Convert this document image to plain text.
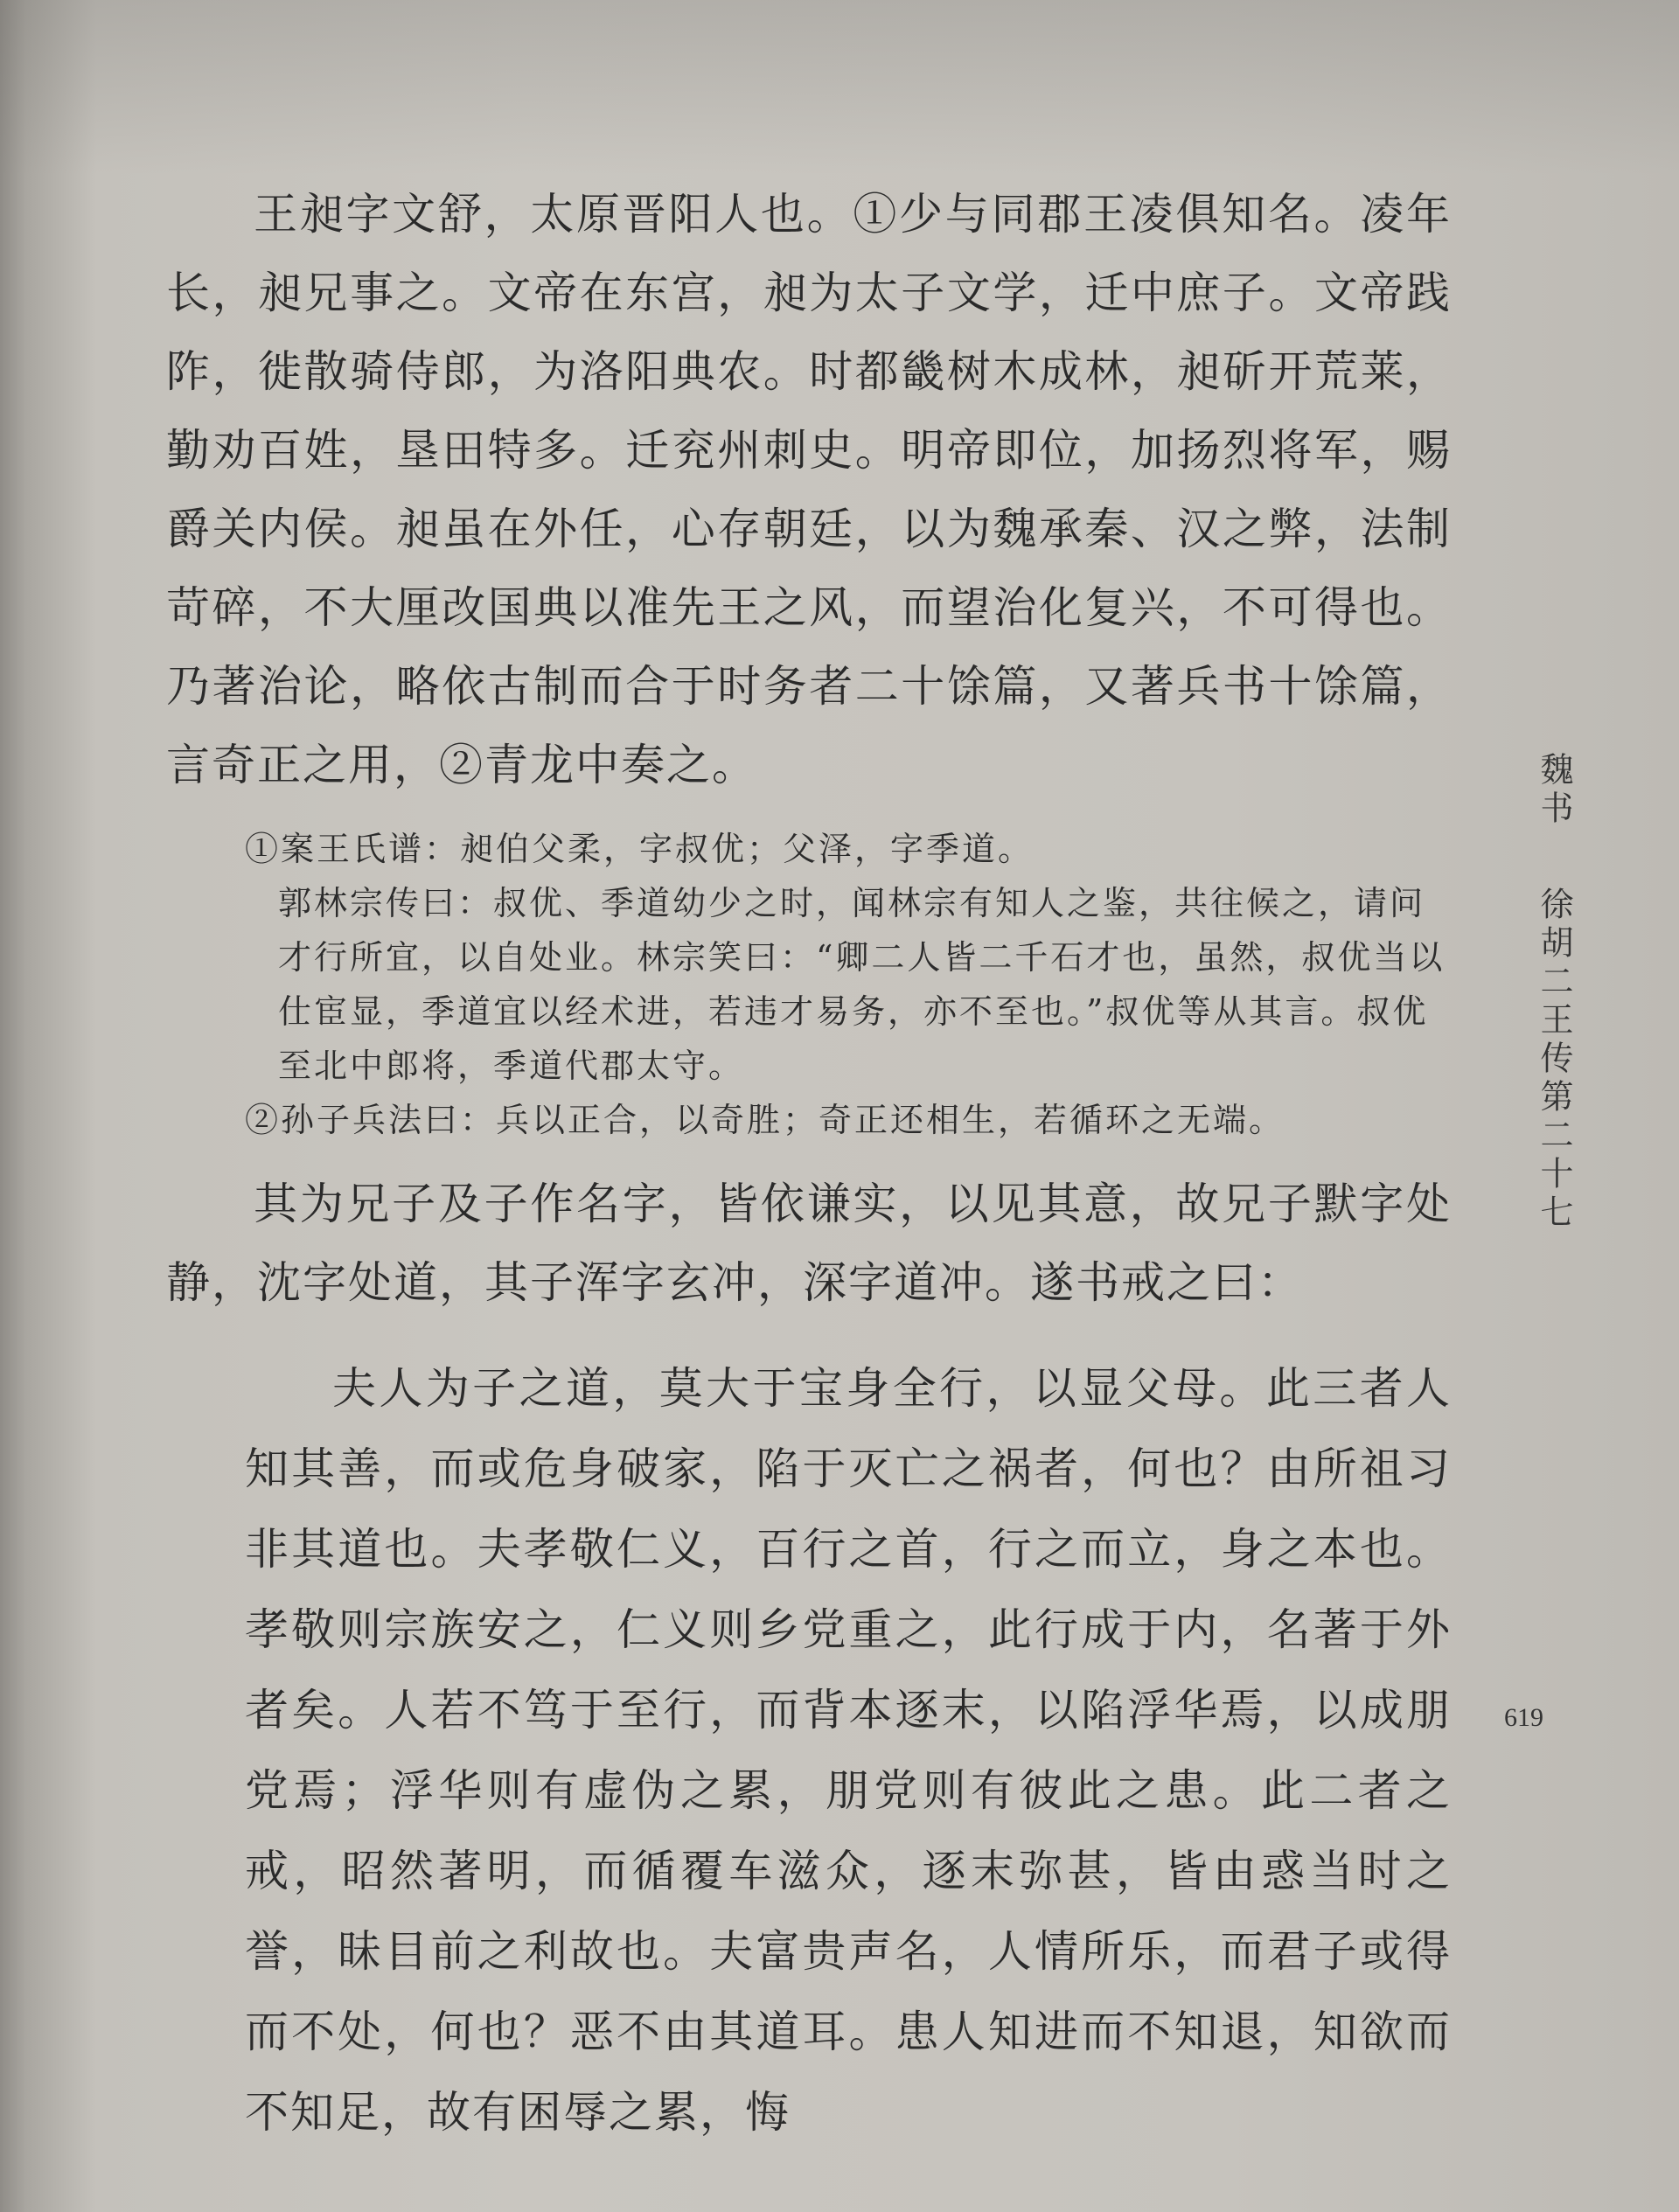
王昶字文舒，太原晋阳人也。①少与同郡王凌俱知名。凌年长，昶兄事之。文帝在东宫，昶为太子文学，迁中庶子。文帝践阼，徙散骑侍郎，为洛阳典农。时都畿树木成林，昶斫开荒莱，勤劝百姓，垦田特多。迁兖州刺史。明帝即位，加扬烈将军，赐爵关内侯。昶虽在外任，心存朝廷，以为魏承秦、汉之弊，法制苛碎，不大厘改国典以准先王之风，而望治化复兴，不可得也。乃著治论，略依古制而合于时务者二十馀篇，又著兵书十馀篇，言奇正之用，②青龙中奏之。

①案王氏谱：昶伯父柔，字叔优；父泽，字季道。

郭林宗传曰：叔优、季道幼少之时，闻林宗有知人之鉴，共往候之，请问才行所宜，以自处业。林宗笑曰：“卿二人皆二千石才也，虽然，叔优当以仕宦显，季道宜以经术进，若违才易务，亦不至也。”叔优等从其言。叔优至北中郎将，季道代郡太守。

②孙子兵法曰：兵以正合，以奇胜；奇正还相生，若循环之无端。

其为兄子及子作名字，皆依谦实，以见其意，故兄子默字处静，沈字处道，其子浑字玄冲，深字道冲。遂书戒之曰：

夫人为子之道，莫大于宝身全行，以显父母。此三者人知其善，而或危身破家，陷于灭亡之祸者，何也？由所祖习非其道也。夫孝敬仁义，百行之首，行之而立，身之本也。孝敬则宗族安之，仁义则乡党重之，此行成于内，名著于外者矣。人若不笃于至行，而背本逐末，以陷浮华焉，以成朋党焉；浮华则有虚伪之累，朋党则有彼此之患。此二者之戒，昭然著明，而循覆车滋众，逐末弥甚，皆由惑当时之誉，昧目前之利故也。夫富贵声名，人情所乐，而君子或得而不处，何也？恶不由其道耳。患人知进而不知退，知欲而不知足，故有困辱之累，悔

魏书  徐胡二王传第二十七
619
